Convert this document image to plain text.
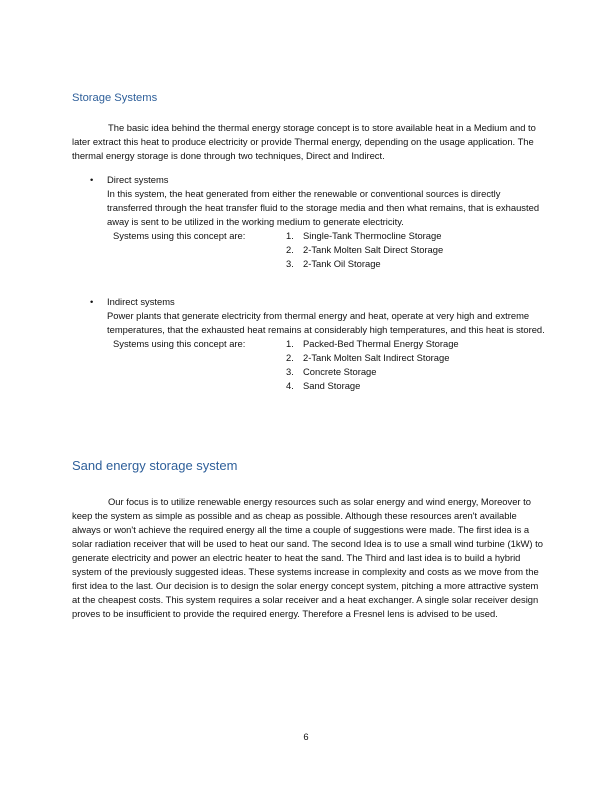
Storage Systems

The basic idea behind the thermal energy storage concept is to store available heat in a Medium and to later extract this heat to produce electricity or provide Thermal energy, depending on the usage application. The thermal energy storage is done through two techniques, Direct and Indirect.

• Direct systems
In this system, the heat generated from either the renewable or conventional sources is directly transferred through the heat transfer fluid to the storage media and then what remains, that is exhausted away is sent to be utilized in the working medium to generate electricity.
Systems using this concept are:	1. Single-Tank Thermocline Storage
2. 2-Tank Molten Salt Direct Storage
3. 2-Tank Oil Storage
• Indirect systems
Power plants that generate electricity from thermal energy and heat, operate at very high and extreme temperatures, that the exhausted heat remains at considerably high temperatures, and this heat is stored.
Systems using this concept are:	1. Packed-Bed Thermal Energy Storage
2. 2-Tank Molten Salt Indirect Storage
3. Concrete Storage
4. Sand Storage
Sand energy storage system

Our focus is to utilize renewable energy resources such as solar energy and wind energy, Moreover to keep the system as simple as possible and as cheap as possible. Although these resources aren't available always or won't achieve the required energy all the time a couple of suggestions were made. The first idea is a solar radiation receiver that will be used to heat our sand. The second Idea is to use a small wind turbine (1kW) to generate electricity and power an electric heater to heat the sand. The Third and last idea is to build a hybrid system of the previously suggested ideas. These systems increase in complexity and costs as we move from the first idea to the last. Our decision is to design the solar energy concept system, pitching a more attractive system at the cheapest costs. This system requires a solar receiver and a heat exchanger. A single solar receiver design proves to be insufficient to provide the required energy. Therefore a Fresnel lens is advised to be used.

6
